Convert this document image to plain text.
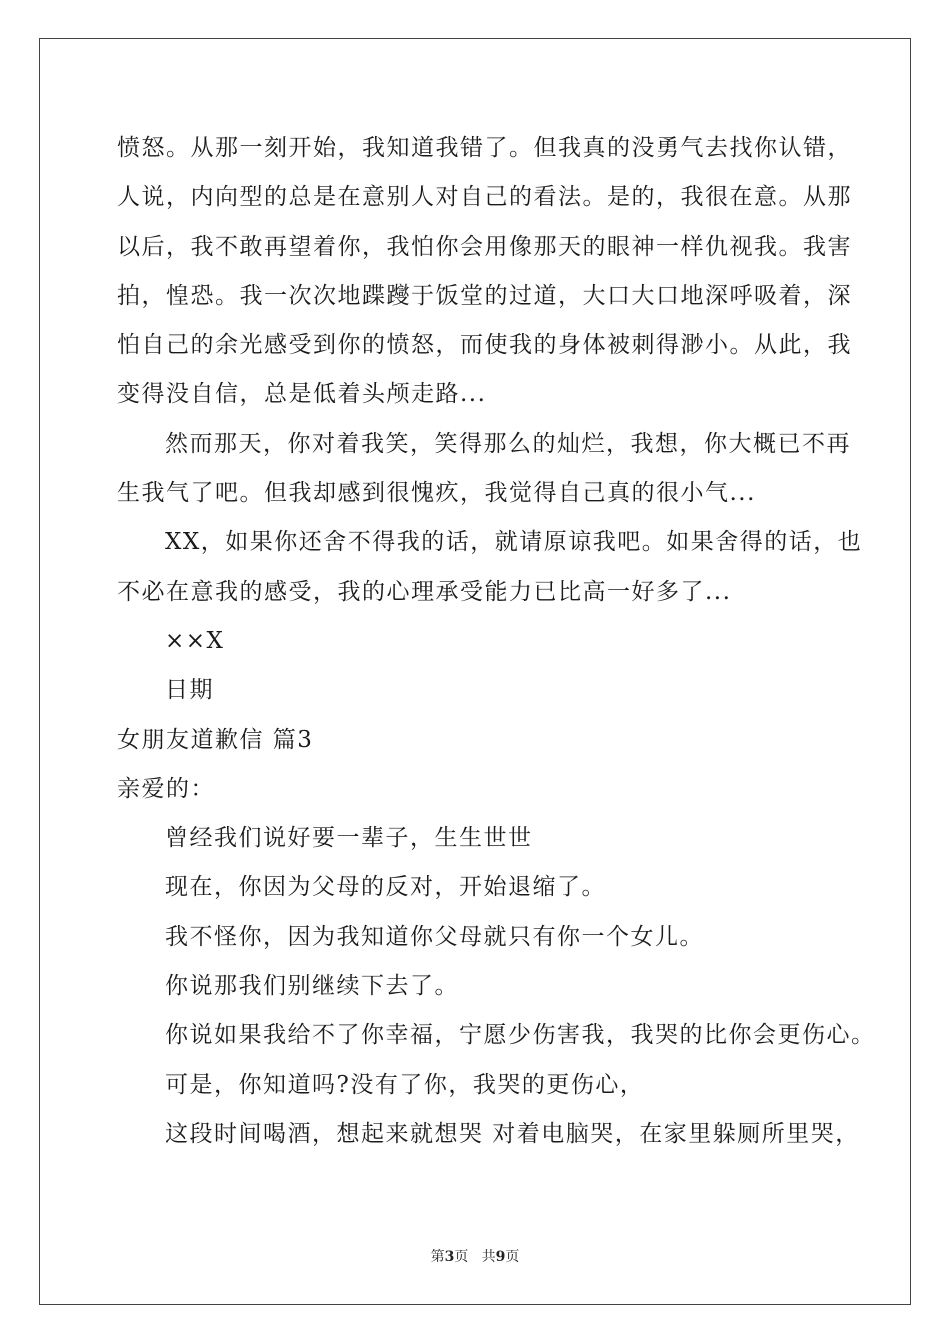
愤怒。从那一刻开始，我知道我错了。但我真的没勇气去找你认错，
人说，内向型的总是在意别人对自己的看法。是的，我很在意。从那
以后，我不敢再望着你，我怕你会用像那天的眼神一样仇视我。我害
拍，惶恐。我一次次地蹀躞于饭堂的过道，大口大口地深呼吸着，深
怕自己的余光感受到你的愤怒，而使我的身体被刺得渺小。从此，我
变得没自信，总是低着头颅走路...
然而那天，你对着我笑，笑得那么的灿烂，我想，你大概已不再
生我气了吧。但我却感到很愧疚，我觉得自己真的很小气...
XX，如果你还舍不得我的话，就请原谅我吧。如果舍得的话，也
不必在意我的感受，我的心理承受能力已比高一好多了...
××X
日期
女朋友道歉信 篇3
亲爱的：
曾经我们说好要一辈子，生生世世
现在，你因为父母的反对，开始退缩了。
我不怪你，因为我知道你父母就只有你一个女儿。
你说那我们别继续下去了。
你说如果我给不了你幸福，宁愿少伤害我，我哭的比你会更伤心。
可是，你知道吗?没有了你，我哭的更伤心，
这段时间喝酒，想起来就想哭 对着电脑哭，在家里躲厕所里哭，
第3页 共9页
